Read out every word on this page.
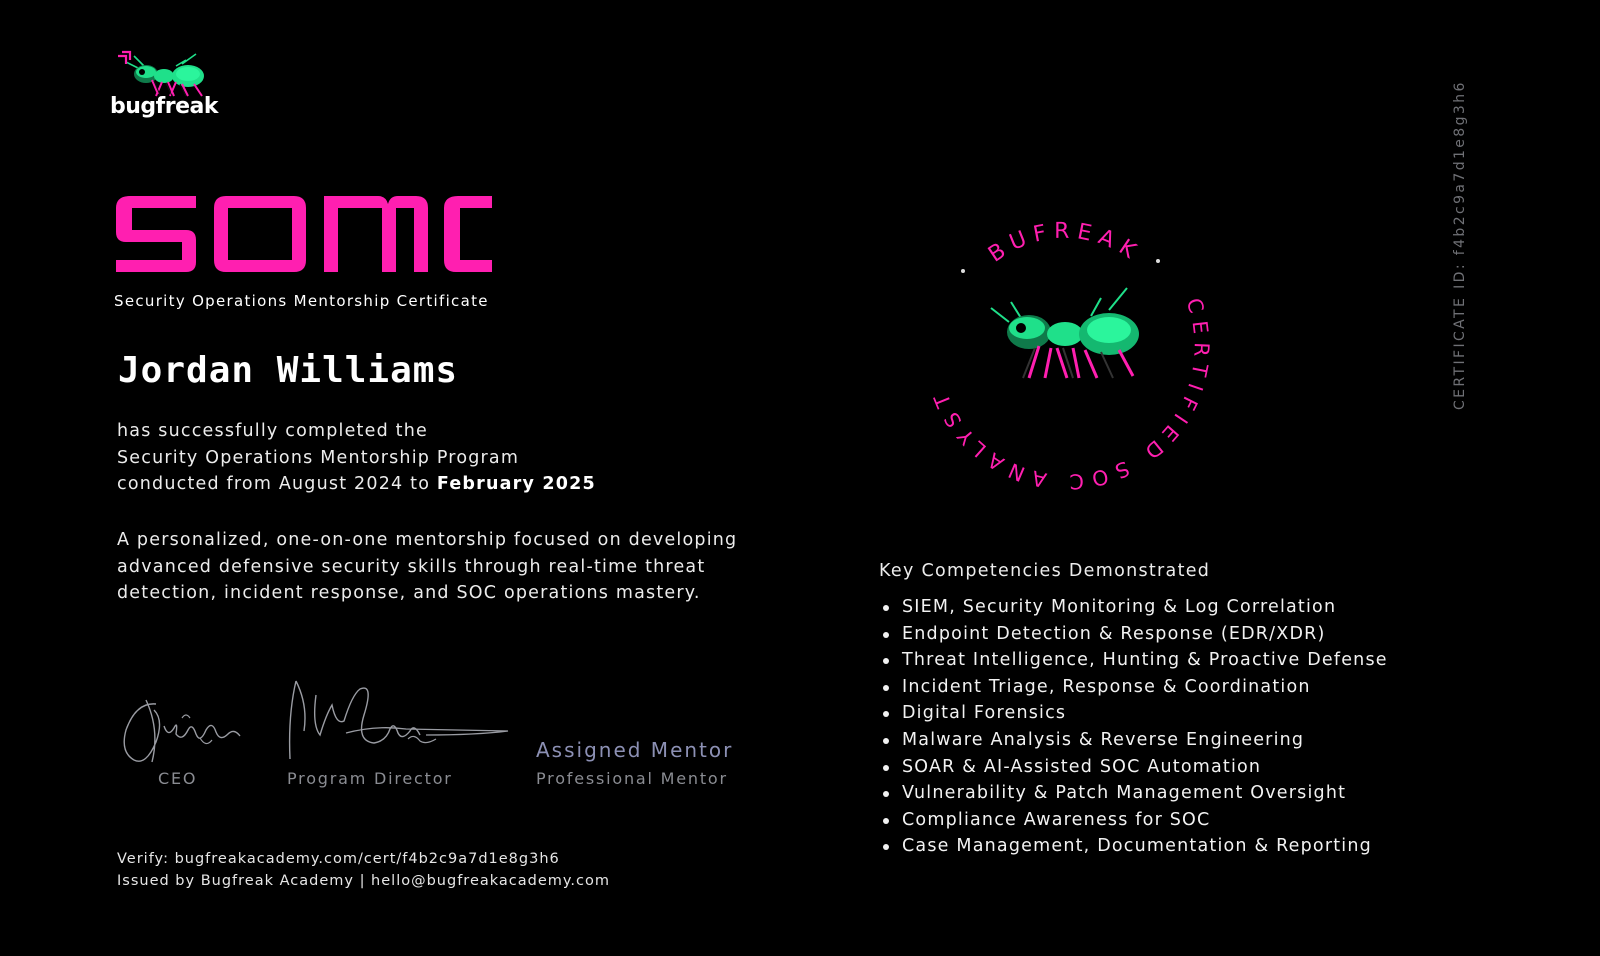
bugfreak
Security Operations Mentorship Certificate
Jordan Williams
has successfully completed the
Security Operations Mentorship Program
conducted from August 2024 to February 2025
A personalized, one-on-one mentorship focused on developing advanced defensive security skills through real-time threat detection, incident response, and SOC operations mastery.
CEO	Program Director
Assigned Mentor
Professional Mentor
Verify: bugfreakacademy.com/cert/f4b2c9a7d1e8g3h6
Issued by Bugfreak Academy | hello@bugfreakacademy.com
BUFREAK
CERTIFIED SOC ANALYST
Key Competencies Demonstrated
SIEM, Security Monitoring & Log Correlation
Endpoint Detection & Response (EDR/XDR)
Threat Intelligence, Hunting & Proactive Defense
Incident Triage, Response & Coordination
Digital Forensics
Malware Analysis & Reverse Engineering
SOAR & AI-Assisted SOC Automation
Vulnerability & Patch Management Oversight
Compliance Awareness for SOC
Case Management, Documentation & Reporting
CERTIFICATE ID: f4b2c9a7d1e8g3h6
